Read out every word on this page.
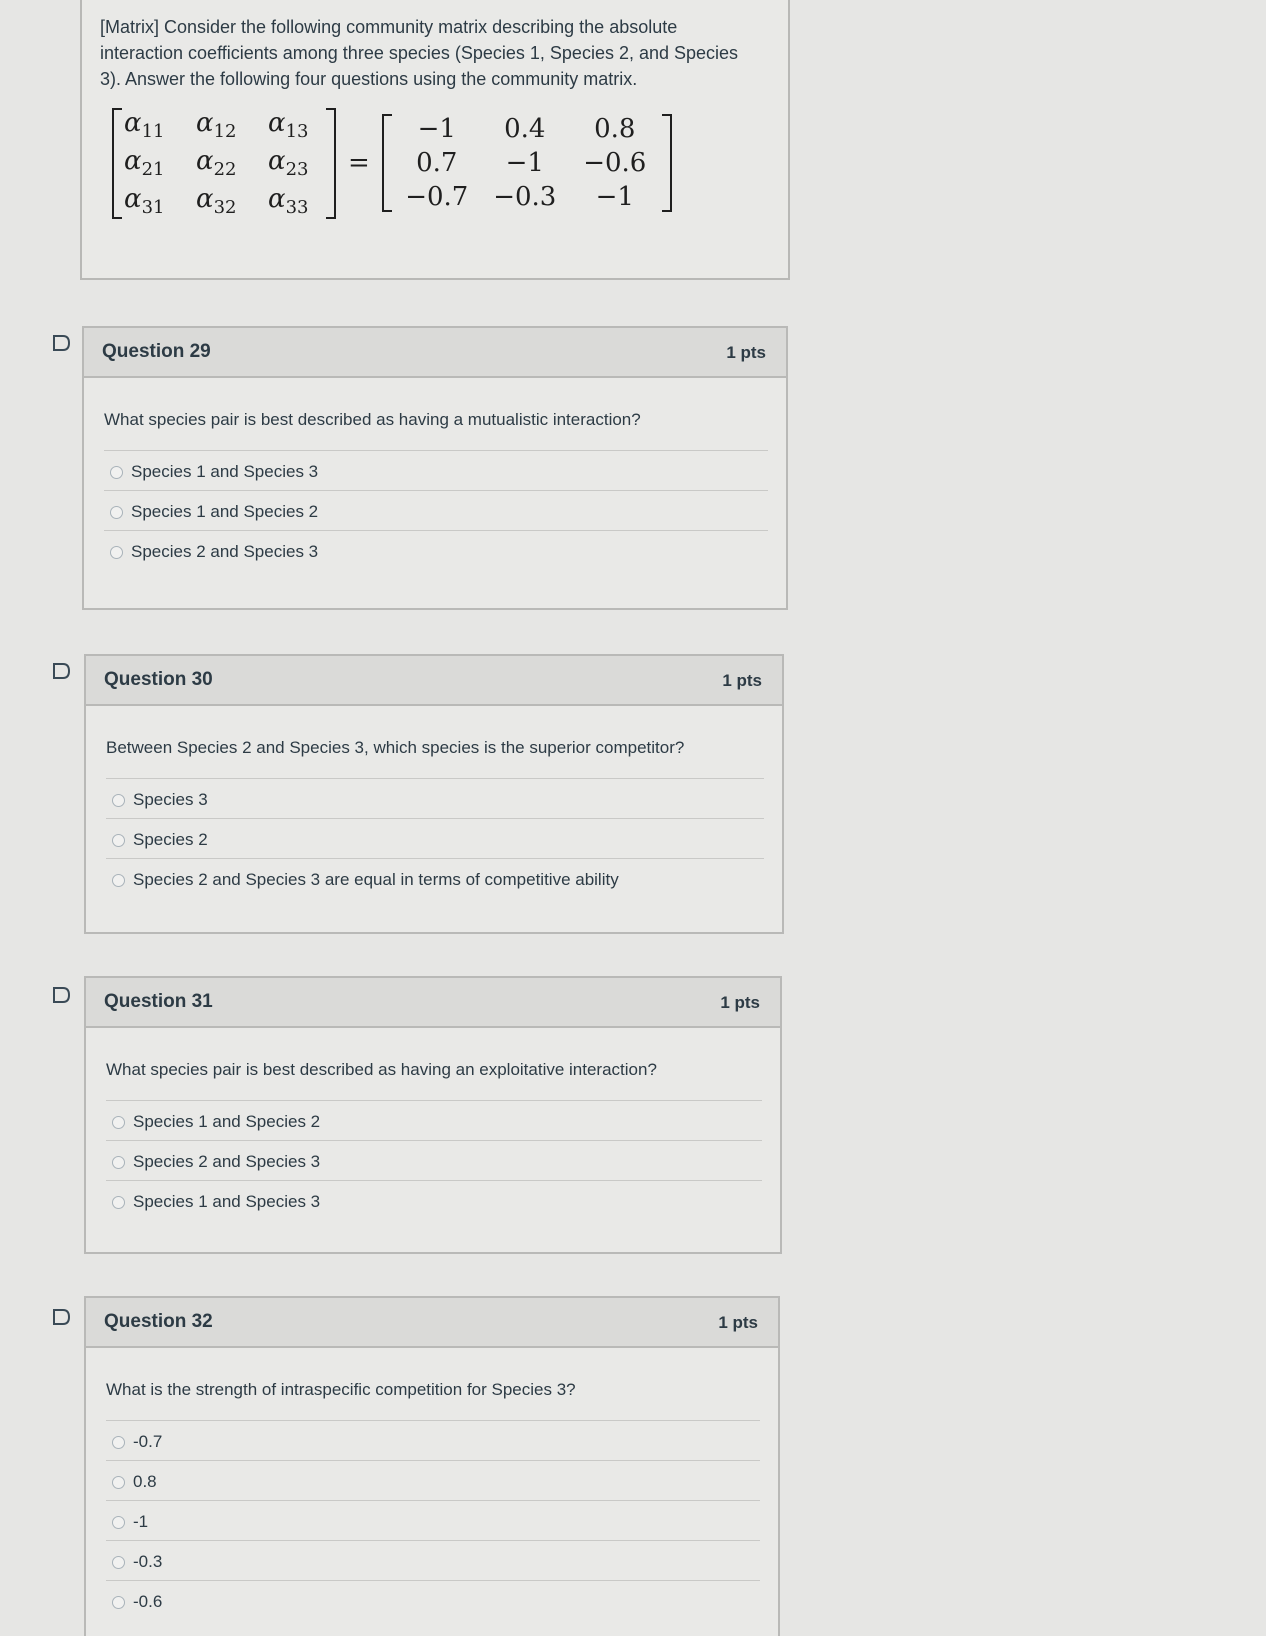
[Matrix] Consider the following community matrix describing the absolute interaction coefficients among three species (Species 1, Species 2, and Species 3). Answer the following four questions using the community matrix.
$\alpha_{11}$	$\alpha_{12}$	$\alpha_{13}$
$\alpha_{21}$	$\alpha_{22}$	$\alpha_{23}$
$\alpha_{31}$	$\alpha_{32}$	$\alpha_{33}$
=
−1	0.4	0.8
0.7	−1	−0.6
−0.7 −0.3	−1
Question 29	1 pts
What species pair is best described as having a mutualistic interaction?
Species 1 and Species 3
Species 1 and Species 2
Species 2 and Species 3
Question 30	1 pts
Between Species 2 and Species 3, which species is the superior competitor?
Species 3
Species 2
Species 2 and Species 3 are equal in terms of competitive ability
Question 31	1 pts
What species pair is best described as having an exploitative interaction?
Species 1 and Species 2
Species 2 and Species 3
Species 1 and Species 3
Question 32	1 pts
What is the strength of intraspecific competition for Species 3?
-0.7
0.8
-1
-0.3
-0.6
